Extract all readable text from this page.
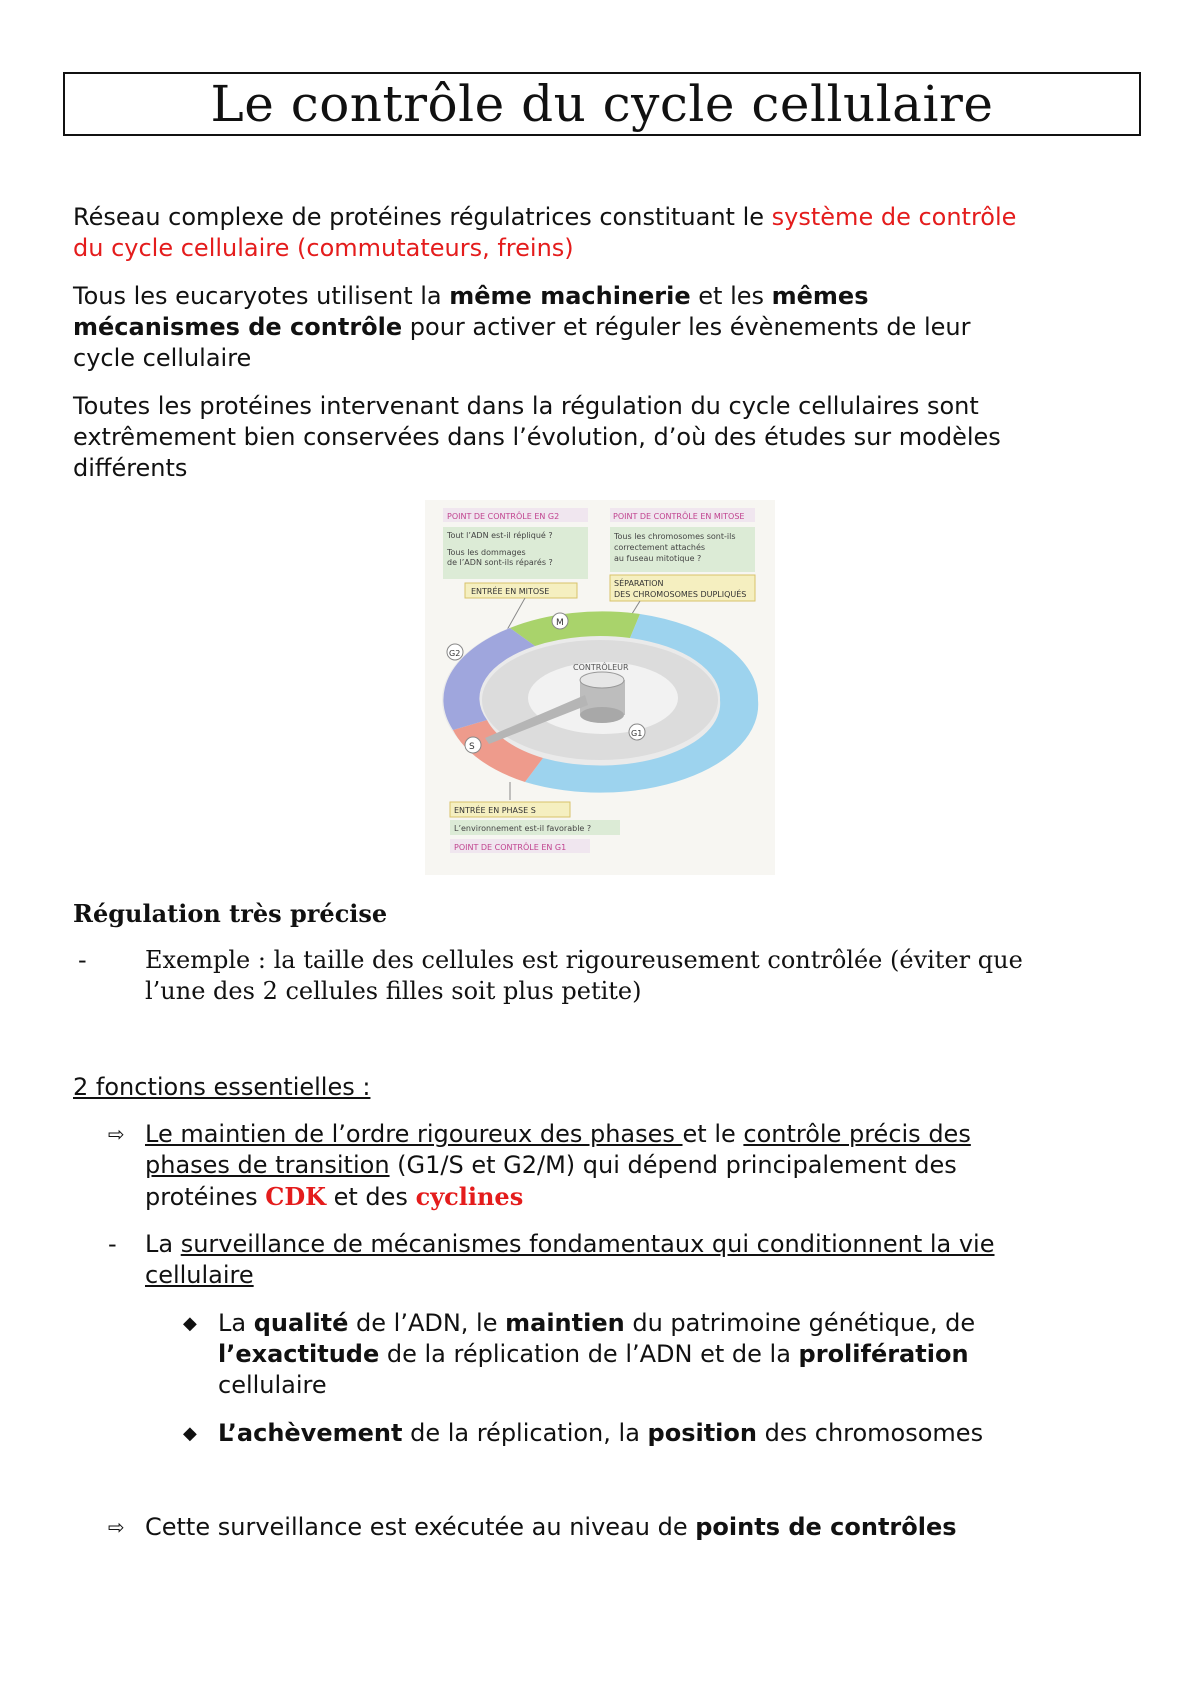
Le contrôle du cycle cellulaire

Réseau complexe de protéines régulatrices constituant le système de contrôle
du cycle cellulaire (commutateurs, freins)

Tous les eucaryotes utilisent la même machinerie et les mêmes
mécanismes de contrôle pour activer et réguler les évènements de leur
cycle cellulaire

Toutes les protéines intervenant dans la régulation du cycle cellulaires sont
extrêmement bien conservées dans l’évolution, d’où des études sur modèles
différents

POINT DE CONTRÔLE EN G2
Tout l’ADN est-il répliqué ?
Tous les dommages
de l’ADN sont-ils réparés ?
ENTRÉE EN MITOSE
POINT DE CONTRÔLE EN MITOSE
Tous les chromosomes sont-ils
correctement attachés
au fuseau mitotique ?
SÉPARATION
DES CHROMOSOMES DUPLIQUÉS
CONTRÔLEUR
M
G2
S
G1
ENTRÉE EN PHASE S
L’environnement est-il favorable ?
POINT DE CONTRÔLE EN G1

Régulation très précise

- Exemple : la taille des cellules est rigoureusement contrôlée (éviter que
l’une des 2 cellules filles soit plus petite)

2 fonctions essentielles :

⇨ Le maintien de l’ordre rigoureux des phases et le contrôle précis des
phases de transition (G1/S et G2/M) qui dépend principalement des
protéines CDK et des cyclines

- La surveillance de mécanismes fondamentaux qui conditionnent la vie
cellulaire

◆ La qualité de l’ADN, le maintien du patrimoine génétique, de
l’exactitude de la réplication de l’ADN et de la prolifération
cellulaire

◆ L’achèvement de la réplication, la position des chromosomes

⇨ Cette surveillance est exécutée au niveau de points de contrôles
